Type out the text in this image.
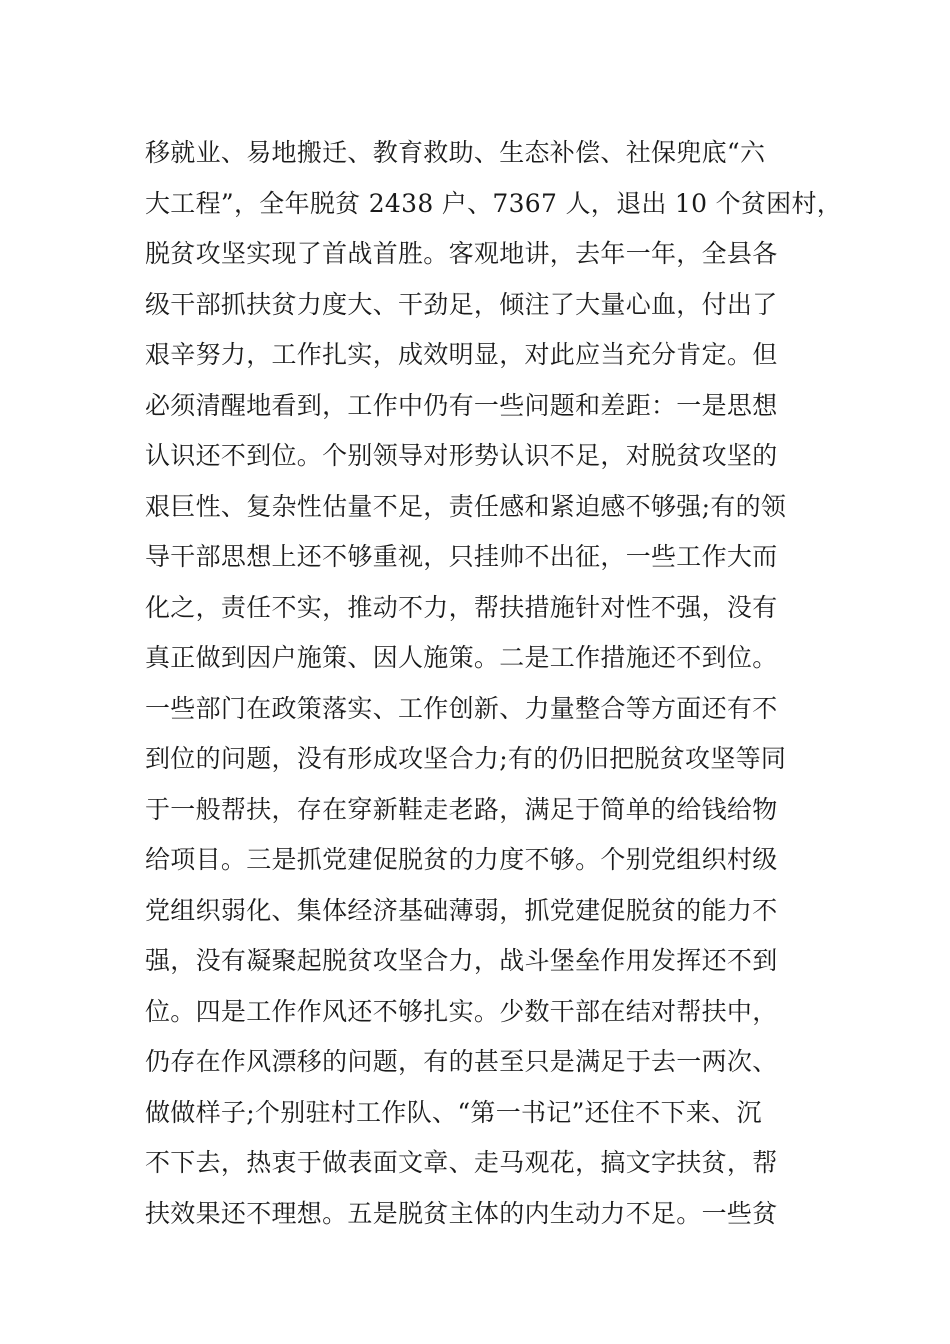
移就业、易地搬迁、教育救助、生态补偿、社保兜底“六
大工程”，全年脱贫 2438 户、7367 人，退出 10 个贫困村，
脱贫攻坚实现了首战首胜。客观地讲，去年一年，全县各
级干部抓扶贫力度大、干劲足，倾注了大量心血，付出了
艰辛努力，工作扎实，成效明显，对此应当充分肯定。但
必须清醒地看到，工作中仍有一些问题和差距：一是思想
认识还不到位。个别领导对形势认识不足，对脱贫攻坚的
艰巨性、复杂性估量不足，责任感和紧迫感不够强;有的领
导干部思想上还不够重视，只挂帅不出征，一些工作大而
化之，责任不实，推动不力，帮扶措施针对性不强，没有
真正做到因户施策、因人施策。二是工作措施还不到位。
一些部门在政策落实、工作创新、力量整合等方面还有不
到位的问题，没有形成攻坚合力;有的仍旧把脱贫攻坚等同
于一般帮扶，存在穿新鞋走老路，满足于简单的给钱给物
给项目。三是抓党建促脱贫的力度不够。个别党组织村级
党组织弱化、集体经济基础薄弱，抓党建促脱贫的能力不
强，没有凝聚起脱贫攻坚合力，战斗堡垒作用发挥还不到
位。四是工作作风还不够扎实。少数干部在结对帮扶中，
仍存在作风漂移的问题，有的甚至只是满足于去一两次、
做做样子;个别驻村工作队、“第一书记”还住不下来、沉
不下去，热衷于做表面文章、走马观花，搞文字扶贫，帮
扶效果还不理想。五是脱贫主体的内生动力不足。一些贫
